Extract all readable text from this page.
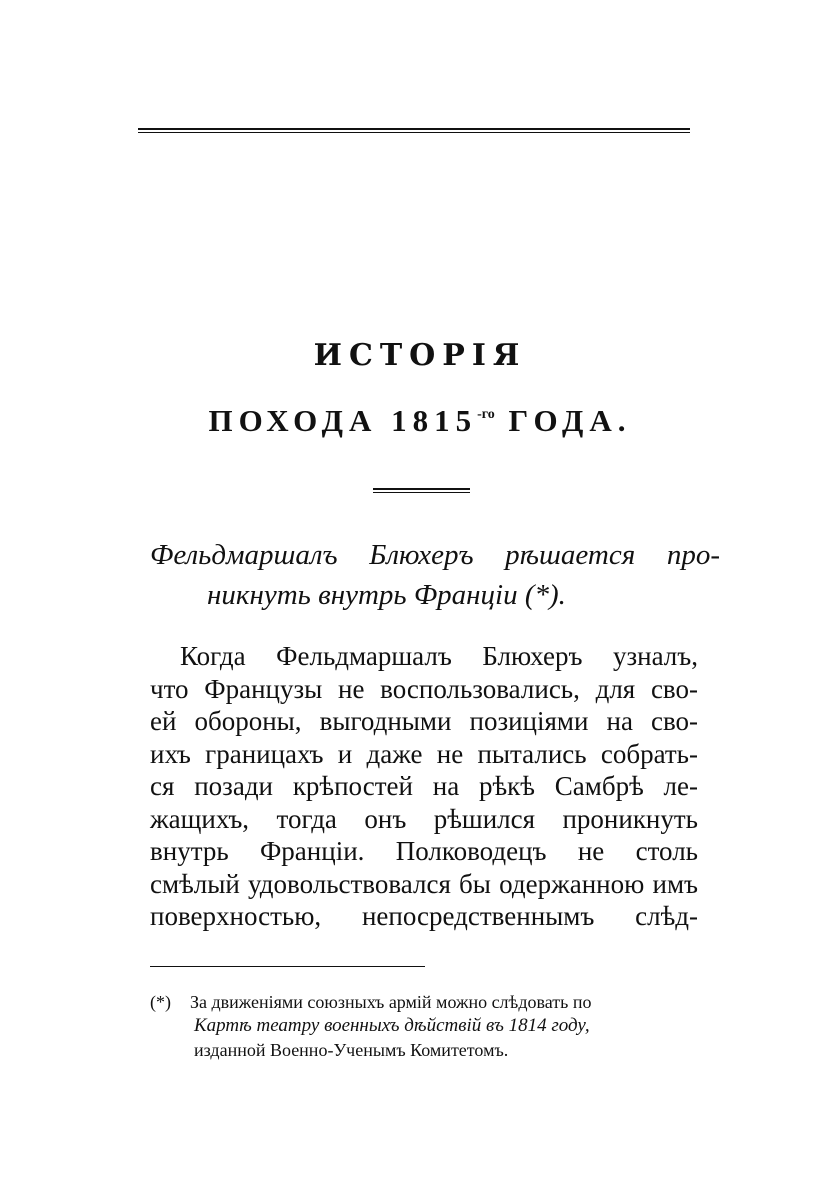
ИСТОРІЯ
ПОХОДА $1815^{-го}$ ГОДА.
Фельдмаршалъ Блюхеръ рѣшается про-
никнуть внутрь Франціи (*).
Когда Фельдмаршалъ Блюхеръ узналъ,
что Французы не воспользовались, для сво-
ей обороны, выгодными позиціями на сво-
ихъ границахъ и даже не пытались собрать-
ся позади крѣпостей на рѣкѣ Самбрѣ ле-
жащихъ, тогда онъ рѣшился проникнуть
внутрь Франціи. Полководецъ не столь
смѣлый удовольствовался бы одержанною имъ
поверхностью, непосредственнымъ слѣд-
(*) За движеніями союзныхъ армій можно слѣдовать по
Картѣ театру военныхъ дѣйствій въ 1814 году,
изданной Военно-Ученымъ Комитетомъ.
